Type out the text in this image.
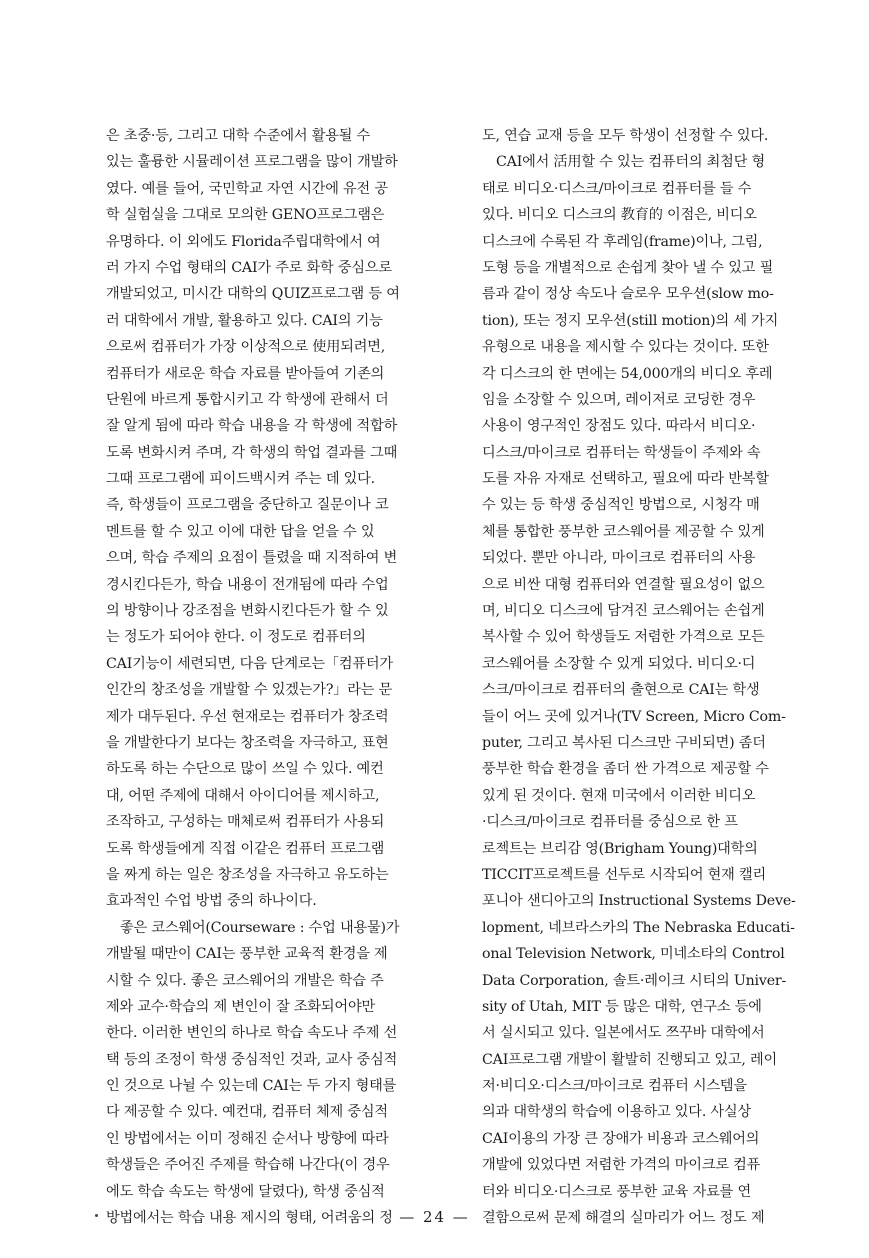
은 초중·등, 그리고 대학 수준에서 활용될 수
있는 훌륭한 시뮬레이션 프로그램을 많이 개발하
였다. 예를 들어, 국민학교 자연 시간에 유전 공
학 실험실을 그대로 모의한 GENO프로그램은
유명하다. 이 외에도 Florida주립대학에서 여
러 가지 수업 형태의 CAI가 주로 화학 중심으로
개발되었고, 미시간 대학의 QUIZ프로그램 등 여
러 대학에서 개발, 활용하고 있다. CAI의 기능
으로써 컴퓨터가 가장 이상적으로 使用되려면,
컴퓨터가 새로운 학습 자료를 받아들여 기존의
단원에 바르게 통합시키고 각 학생에 관해서 더
잘 알게 됨에 따라 학습 내용을 각 학생에 적합하
도록 변화시켜 주며, 각 학생의 학업 결과를 그때
그때 프로그램에 피이드백시켜 주는 데 있다.
즉, 학생들이 프로그램을 중단하고 질문이나 코
멘트를 할 수 있고 이에 대한 답을 얻을 수 있
으며, 학습 주제의 요점이 틀렸을 때 지적하여 변
경시킨다든가, 학습 내용이 전개됨에 따라 수업
의 방향이나 강조점을 변화시킨다든가 할 수 있
는 정도가 되어야 한다. 이 정도로 컴퓨터의
CAI기능이 세련되면, 다음 단계로는「컴퓨터가
인간의 창조성을 개발할 수 있겠는가?」라는 문
제가 대두된다. 우선 현재로는 컴퓨터가 창조력
을 개발한다기 보다는 창조력을 자극하고, 표현
하도록 하는 수단으로 많이 쓰일 수 있다. 예컨
대, 어떤 주제에 대해서 아이디어를 제시하고,
조작하고, 구성하는 매체로써 컴퓨터가 사용되
도록 학생들에게 직접 이같은 컴퓨터 프로그램
을 짜게 하는 일은 창조성을 자극하고 유도하는
효과적인 수업 방법 중의 하나이다.
좋은 코스웨어(Courseware : 수업 내용물)가
개발될 때만이 CAI는 풍부한 교육적 환경을 제
시할 수 있다. 좋은 코스웨어의 개발은 학습 주
제와 교수·학습의 제 변인이 잘 조화되어야만
한다. 이러한 변인의 하나로 학습 속도나 주제 선
택 등의 조정이 학생 중심적인 것과, 교사 중심적
인 것으로 나뉠 수 있는데 CAI는 두 가지 형태를
다 제공할 수 있다. 예컨대, 컴퓨터 체제 중심적
인 방법에서는 이미 정해진 순서나 방향에 따라
학생들은 주어진 주제를 학습해 나간다(이 경우
에도 학습 속도는 학생에 달렸다), 학생 중심적
방법에서는 학습 내용 제시의 형태, 어려움의 정
도, 연습 교재 등을 모두 학생이 선정할 수 있다.
CAI에서 活用할 수 있는 컴퓨터의 최첨단 형
태로 비디오·디스크/마이크로 컴퓨터를 들 수
있다. 비디오 디스크의 教育的 이점은, 비디오
디스크에 수록된 각 후레임(frame)이나, 그림,
도형 등을 개별적으로 손쉽게 찾아 낼 수 있고 필
름과 같이 정상 속도나 슬로우 모우션(slow mo-
tion), 또는 정지 모우션(still motion)의 세 가지
유형으로 내용을 제시할 수 있다는 것이다. 또한
각 디스크의 한 면에는 54,000개의 비디오 후레
임을 소장할 수 있으며, 레이저로 코딩한 경우
사용이 영구적인 장점도 있다. 따라서 비디오·
디스크/마이크로 컴퓨터는 학생들이 주제와 속
도를 자유 자재로 선택하고, 필요에 따라 반복할
수 있는 등 학생 중심적인 방법으로, 시청각 매
체를 통합한 풍부한 코스웨어를 제공할 수 있게
되었다. 뿐만 아니라, 마이크로 컴퓨터의 사용
으로 비싼 대형 컴퓨터와 연결할 필요성이 없으
며, 비디오 디스크에 담겨진 코스웨어는 손쉽게
복사할 수 있어 학생들도 저렴한 가격으로 모든
코스웨어를 소장할 수 있게 되었다. 비디오·디
스크/마이크로 컴퓨터의 출현으로 CAI는 학생
들이 어느 곳에 있거나(TV Screen, Micro Com-
puter, 그리고 복사된 디스크만 구비되면) 좀더
풍부한 학습 환경을 좀더 싼 가격으로 제공할 수
있게 된 것이다. 현재 미국에서 이러한 비디오
·디스크/마이크로 컴퓨터를 중심으로 한 프
로젝트는 브리감 영(Brigham Young)대학의
TICCIT프로젝트를 선두로 시작되어 현재 캘리
포니아 샌디아고의 Instructional Systems Deve-
lopment, 네브라스카의 The Nebraska Educati-
onal Television Network, 미네소타의 Control
Data Corporation, 솔트·레이크 시티의 Univer-
sity of Utah, MIT 등 많은 대학, 연구소 등에
서 실시되고 있다. 일본에서도 쯔꾸바 대학에서
CAI프로그램 개발이 활발히 진행되고 있고, 레이
저·비디오·디스크/마이크로 컴퓨터 시스템을
의과 대학생의 학습에 이용하고 있다. 사실상
CAI이용의 가장 큰 장애가 비용과 코스웨어의
개발에 있었다면 저렴한 가격의 마이크로 컴퓨
터와 비디오·디스크로 풍부한 교육 자료를 연
결함으로써 문제 해결의 실마리가 어느 정도 제
— 24 —
